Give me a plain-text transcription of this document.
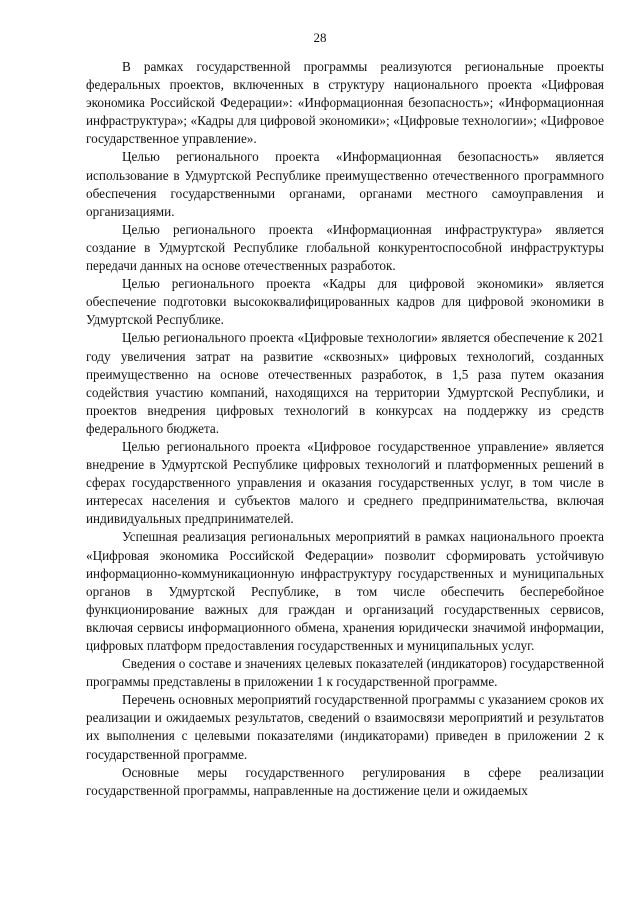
28

В рамках государственной программы реализуются региональные проекты федеральных проектов, включенных в структуру национального проекта «Цифровая экономика Российской Федерации»: «Информационная безопасность»; «Информационная инфраструктура»; «Кадры для цифровой экономики»; «Цифровые технологии»; «Цифровое государственное управление».

Целью регионального проекта «Информационная безопасность» является использование в Удмуртской Республике преимущественно отечественного программного обеспечения государственными органами, органами местного самоуправления и организациями.

Целью регионального проекта «Информационная инфраструктура» является создание в Удмуртской Республике глобальной конкурентоспособной инфраструктуры передачи данных на основе отечественных разработок.

Целью регионального проекта «Кадры для цифровой экономики» является обеспечение подготовки высококвалифицированных кадров для цифровой экономики в Удмуртской Республике.

Целью регионального проекта «Цифровые технологии» является обеспечение к 2021 году увеличения затрат на развитие «сквозных» цифровых технологий, созданных преимущественно на основе отечественных разработок, в 1,5 раза путем оказания содействия участию компаний, находящихся на территории Удмуртской Республики, и проектов внедрения цифровых технологий в конкурсах на поддержку из средств федерального бюджета.

Целью регионального проекта «Цифровое государственное управление» является внедрение в Удмуртской Республике цифровых технологий и платформенных решений в сферах государственного управления и оказания государственных услуг, в том числе в интересах населения и субъектов малого и среднего предпринимательства, включая индивидуальных предпринимателей.

Успешная реализация региональных мероприятий в рамках национального проекта «Цифровая экономика Российской Федерации» позволит сформировать устойчивую информационно-коммуникационную инфраструктуру государственных и муниципальных органов в Удмуртской Республике, в том числе обеспечить бесперебойное функционирование важных для граждан и организаций государственных сервисов, включая сервисы информационного обмена, хранения юридически значимой информации, цифровых платформ предоставления государственных и муниципальных услуг.

Сведения о составе и значениях целевых показателей (индикаторов) государственной программы представлены в приложении 1 к государственной программе.

Перечень основных мероприятий государственной программы с указанием сроков их реализации и ожидаемых результатов, сведений о взаимосвязи мероприятий и результатов их выполнения с целевыми показателями (индикаторами) приведен в приложении 2 к государственной программе.

Основные меры государственного регулирования в сфере реализации государственной программы, направленные на достижение цели и ожидаемых
